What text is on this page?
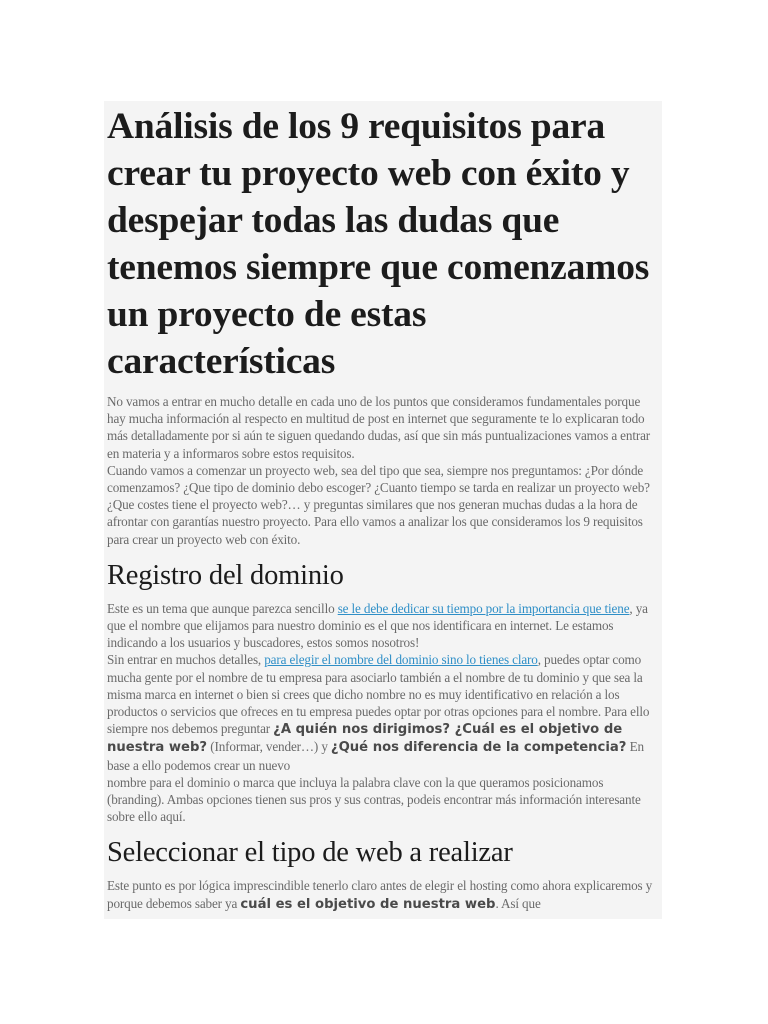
Análisis de los 9 requisitos para crear tu proyecto web con éxito y despejar todas las dudas que tenemos siempre que comenzamos un proyecto de estas características

No vamos a entrar en mucho detalle en cada uno de los puntos que consideramos fundamentales porque hay mucha información al respecto en multitud de post en internet que seguramente te lo explicaran todo más detalladamente por si aún te siguen quedando dudas, así que sin más puntualizaciones vamos a entrar en materia y a informaros sobre estos requisitos.
Cuando vamos a comenzar un proyecto web, sea del tipo que sea, siempre nos preguntamos: ¿Por dónde comenzamos? ¿Que tipo de dominio debo escoger? ¿Cuanto tiempo se tarda en realizar un proyecto web? ¿Que costes tiene el proyecto web?… y preguntas similares que nos generan muchas dudas a la hora de afrontar con garantías nuestro proyecto. Para ello vamos a analizar los que consideramos los 9 requisitos para crear un proyecto web con éxito.

Registro del dominio

Este es un tema que aunque parezca sencillo se le debe dedicar su tiempo por la importancia que tiene, ya que el nombre que elijamos para nuestro dominio es el que nos identificara en internet. Le estamos indicando a los usuarios y buscadores, estos somos nosotros!
Sin entrar en muchos detalles, para elegir el nombre del dominio sino lo tienes claro, puedes optar como mucha gente por el nombre de tu empresa para asociarlo también a el nombre de tu dominio y que sea la misma marca en internet o bien si crees que dicho nombre no es muy identificativo en relación a los productos o servicios que ofreces en tu empresa puedes optar por otras opciones para el nombre. Para ello siempre nos debemos preguntar ¿A quién nos dirigimos? ¿Cuál es el objetivo de nuestra web? (Informar, vender…) y ¿Qué nos diferencia de la competencia? En base a ello podemos crear un nuevo

nombre para el dominio o marca que incluya la palabra clave con la que queramos posicionamos (branding). Ambas opciones tienen sus pros y sus contras, podeis encontrar más información interesante sobre ello aquí.

Seleccionar el tipo de web a realizar

Este punto es por lógica imprescindible tenerlo claro antes de elegir el hosting como ahora explicaremos y porque debemos saber ya cuál es el objetivo de nuestra web. Así que
